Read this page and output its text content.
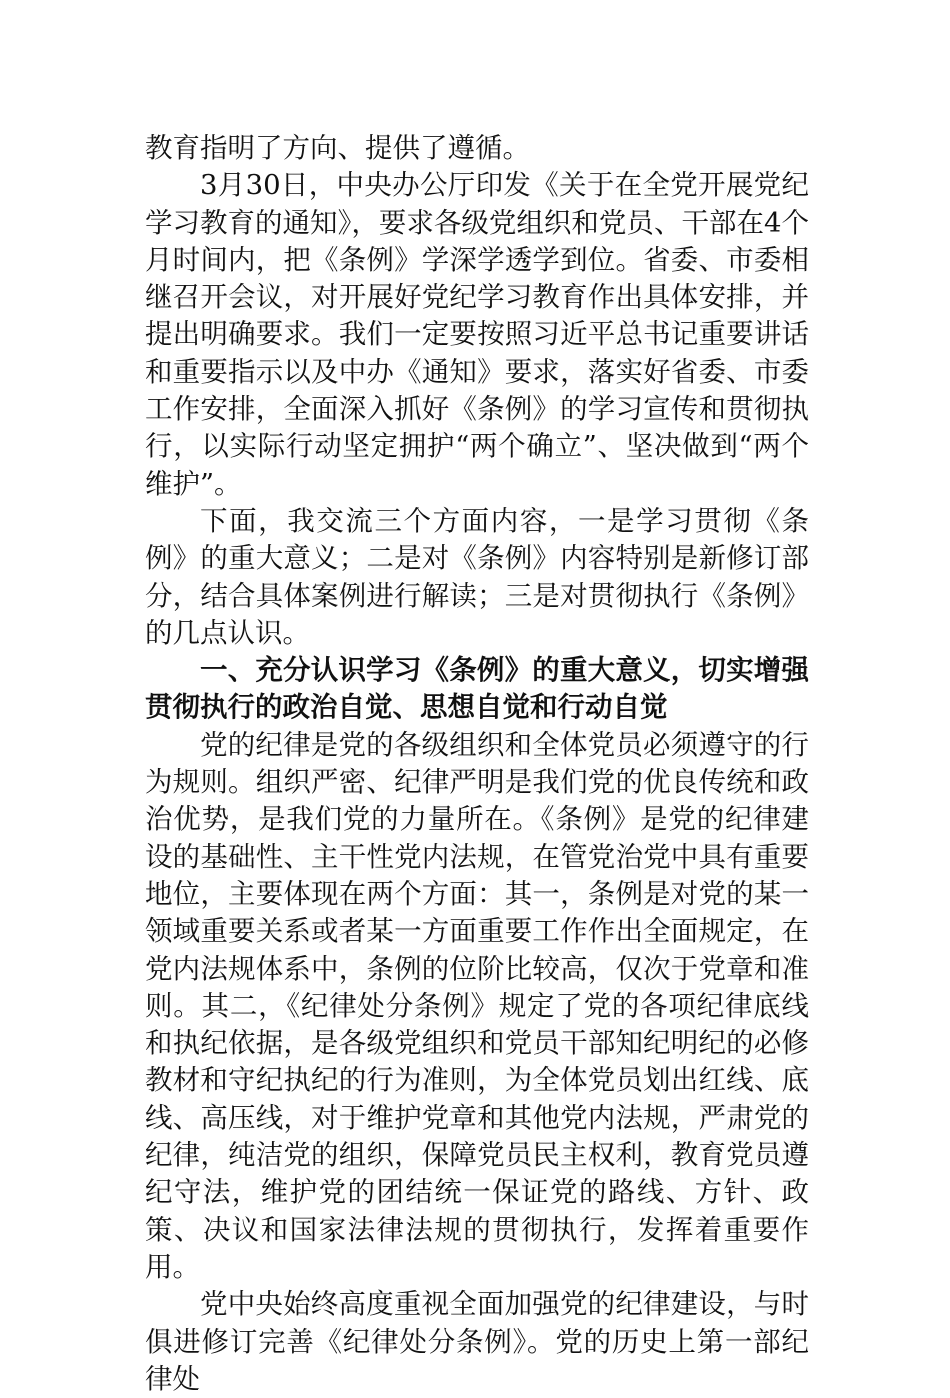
教育指明了方向、提供了遵循。

3月30日，中央办公厅印发《关于在全党开展党纪学习教育的通知》，要求各级党组织和党员、干部在4个月时间内，把《条例》学深学透学到位。省委、市委相继召开会议，对开展好党纪学习教育作出具体安排，并提出明确要求。我们一定要按照习近平总书记重要讲话和重要指示以及中办《通知》要求，落实好省委、市委工作安排，全面深入抓好《条例》的学习宣传和贯彻执行，以实际行动坚定拥护“两个确立”、坚决做到“两个维护”。

下面，我交流三个方面内容，一是学习贯彻《条例》的重大意义；二是对《条例》内容特别是新修订部分，结合具体案例进行解读；三是对贯彻执行《条例》的几点认识。

一、充分认识学习《条例》的重大意义，切实增强贯彻执行的政治自觉、思想自觉和行动自觉

党的纪律是党的各级组织和全体党员必须遵守的行为规则。组织严密、纪律严明是我们党的优良传统和政治优势，是我们党的力量所在。《条例》是党的纪律建设的基础性、主干性党内法规，在管党治党中具有重要地位，主要体现在两个方面：其一，条例是对党的某一领域重要关系或者某一方面重要工作作出全面规定，在党内法规体系中，条例的位阶比较高，仅次于党章和准则。其二，《纪律处分条例》规定了党的各项纪律底线和执纪依据，是各级党组织和党员干部知纪明纪的必修教材和守纪执纪的行为准则，为全体党员划出红线、底线、高压线，对于维护党章和其他党内法规，严肃党的纪律，纯洁党的组织，保障党员民主权利，教育党员遵纪守法，维护党的团结统一保证党的路线、方针、政策、决议和国家法律法规的贯彻执行，发挥着重要作用。

党中央始终高度重视全面加强党的纪律建设，与时俱进修订完善《纪律处分条例》。党的历史上第一部纪律处
